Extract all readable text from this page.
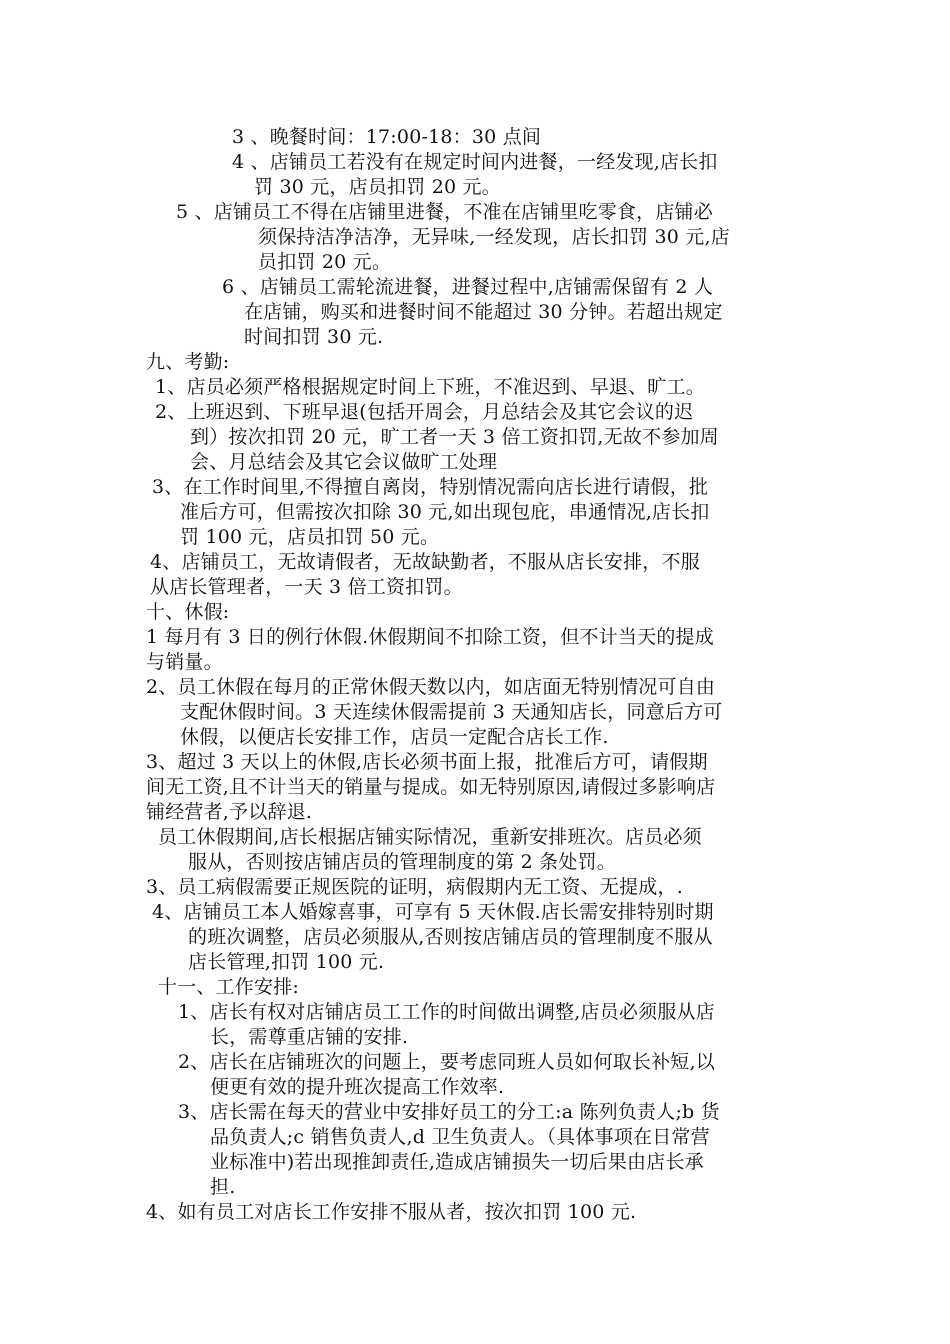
3 、晚餐时间：17:00-18：30 点间
4 、店铺员工若没有在规定时间内进餐，一经发现,店长扣
罚 30 元，店员扣罚 20 元。
5 、店铺员工不得在店铺里进餐，不准在店铺里吃零食，店铺必
须保持洁净洁净，无异味,一经发现，店长扣罚 30 元,店
员扣罚 20 元。
6 、店铺员工需轮流进餐，进餐过程中,店铺需保留有 2 人
在店铺，购买和进餐时间不能超过 30 分钟。若超出规定
时间扣罚 30 元.
九、考勤:
1、店员必须严格根据规定时间上下班，不准迟到、早退、旷工。
2、上班迟到、下班早退(包括开周会，月总结会及其它会议的迟
到）按次扣罚 20 元，旷工者一天 3 倍工资扣罚,无故不参加周
会、月总结会及其它会议做旷工处理
3、在工作时间里,不得擅自离岗，特别情况需向店长进行请假，批
准后方可，但需按次扣除 30 元,如出现包庇，串通情况,店长扣
罚 100 元，店员扣罚 50 元。
4、店铺员工，无故请假者，无故缺勤者，不服从店长安排，不服
从店长管理者，一天 3 倍工资扣罚。
十、休假:
1 每月有 3 日的例行休假.休假期间不扣除工资，但不计当天的提成
与销量。
2、员工休假在每月的正常休假天数以内，如店面无特别情况可自由
支配休假时间。3 天连续休假需提前 3 天通知店长，同意后方可
休假，以便店长安排工作，店员一定配合店长工作.
3、超过 3 天以上的休假,店长必须书面上报，批准后方可，请假期
间无工资,且不计当天的销量与提成。如无特别原因,请假过多影响店
铺经营者,予以辞退.
员工休假期间,店长根据店铺实际情况，重新安排班次。店员必须
服从，否则按店铺店员的管理制度的第 2 条处罚。
3、员工病假需要正规医院的证明，病假期内无工资、无提成，.
4、店铺员工本人婚嫁喜事，可享有 5 天休假.店长需安排特别时期
的班次调整，店员必须服从,否则按店铺店员的管理制度不服从
店长管理,扣罚 100 元.
十一、工作安排:
1、店长有权对店铺店员工工作的时间做出调整,店员必须服从店
长，需尊重店铺的安排.
2、店长在店铺班次的问题上，要考虑同班人员如何取长补短,以
便更有效的提升班次提高工作效率.
3、店长需在每天的营业中安排好员工的分工:a 陈列负责人;b 货
品负责人;c 销售负责人,d 卫生负责人。（具体事项在日常营
业标准中)若出现推卸责任,造成店铺损失一切后果由店长承
担.
4、如有员工对店长工作安排不服从者，按次扣罚 100 元.
